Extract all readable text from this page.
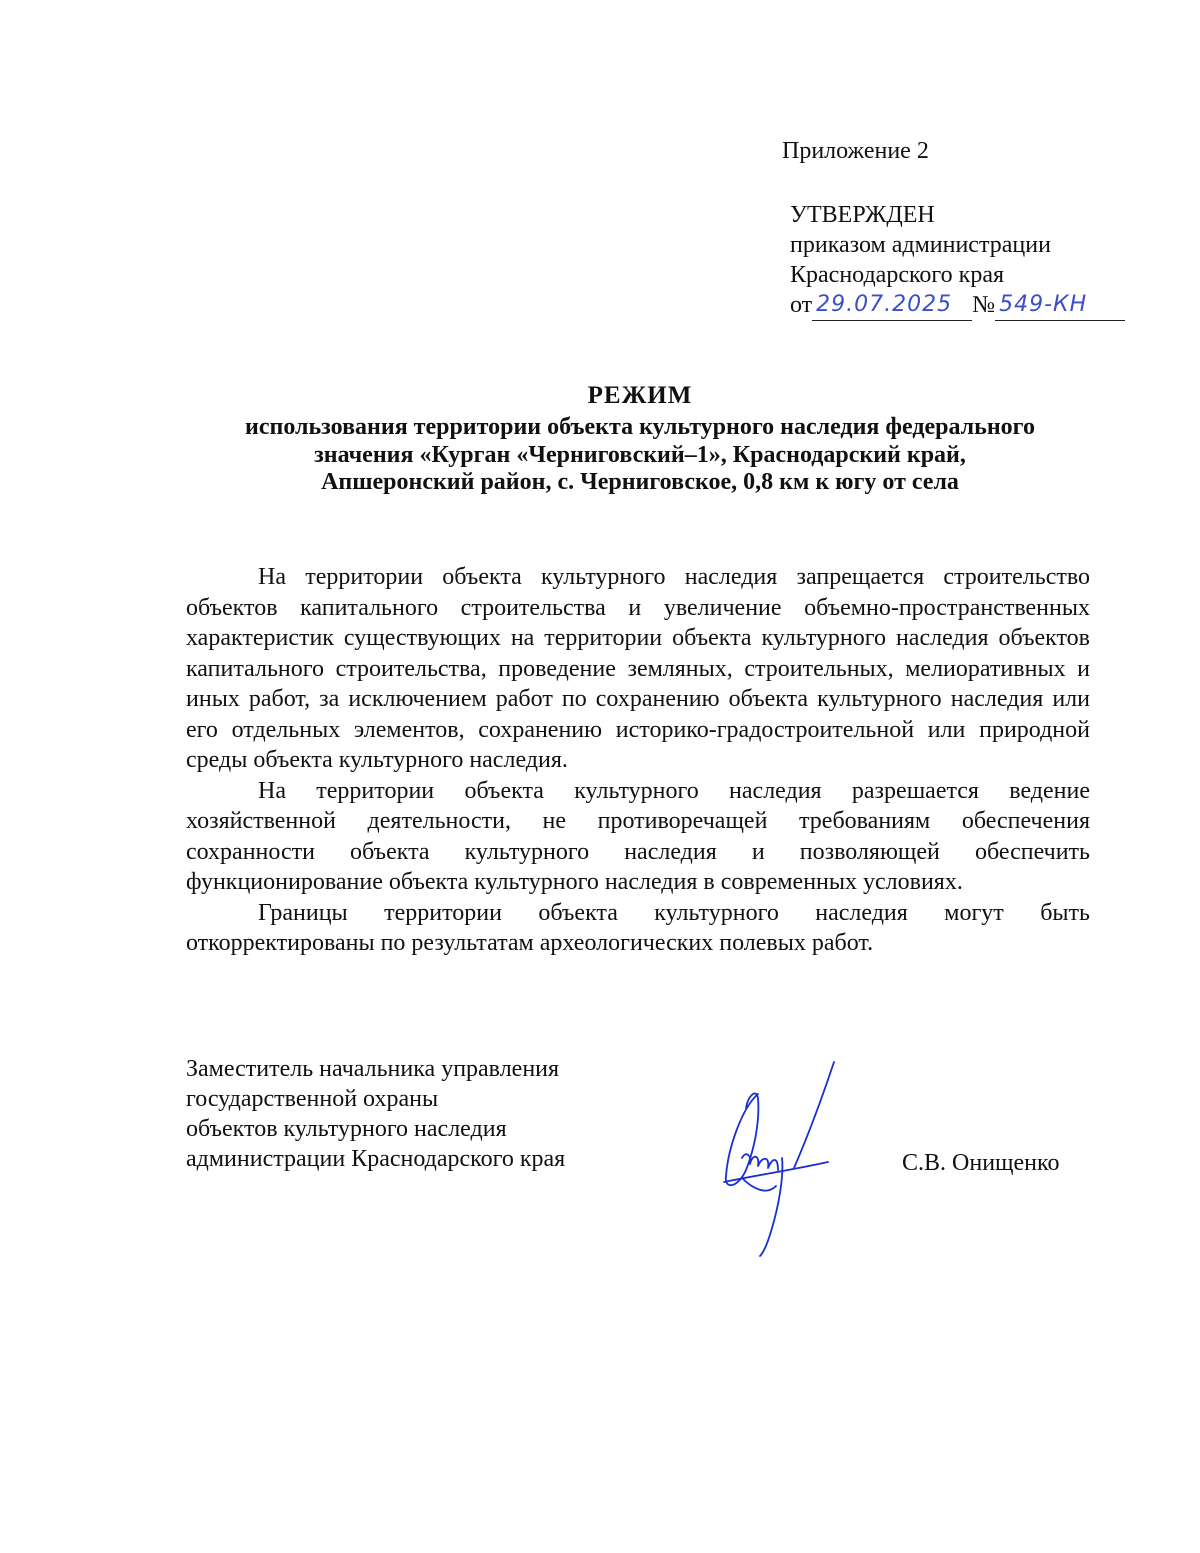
Приложение 2
УТВЕРЖДЕН
приказом администрации
Краснодарского края
от 29.07.2025 № 549-КН
РЕЖИМ
использования территории объекта культурного наследия федерального
значения «Курган «Черниговский–1», Краснодарский край,
Апшеронский район, с. Черниговское, 0,8 км к югу от села

На территории объекта культурного наследия запрещается строительство объектов капитального строительства и увеличение объемно-пространственных характеристик существующих на территории объекта культурного наследия объектов капитального строительства, проведение земляных, строительных, мелиоративных и иных работ, за исключением работ по сохранению объекта культурного наследия или его отдельных элементов, сохранению историко-градостроительной или природной среды объекта культурного наследия.

На территории объекта культурного наследия разрешается ведение хозяйственной деятельности, не противоречащей требованиям обеспечения сохранности объекта культурного наследия и позволяющей обеспечить функционирование объекта культурного наследия в современных условиях.

Границы территории объекта культурного наследия могут быть откорректированы по результатам археологических полевых работ.

Заместитель начальника управления
государственной охраны
объектов культурного наследия
администрации Краснодарского края	С.В. Онищенко
